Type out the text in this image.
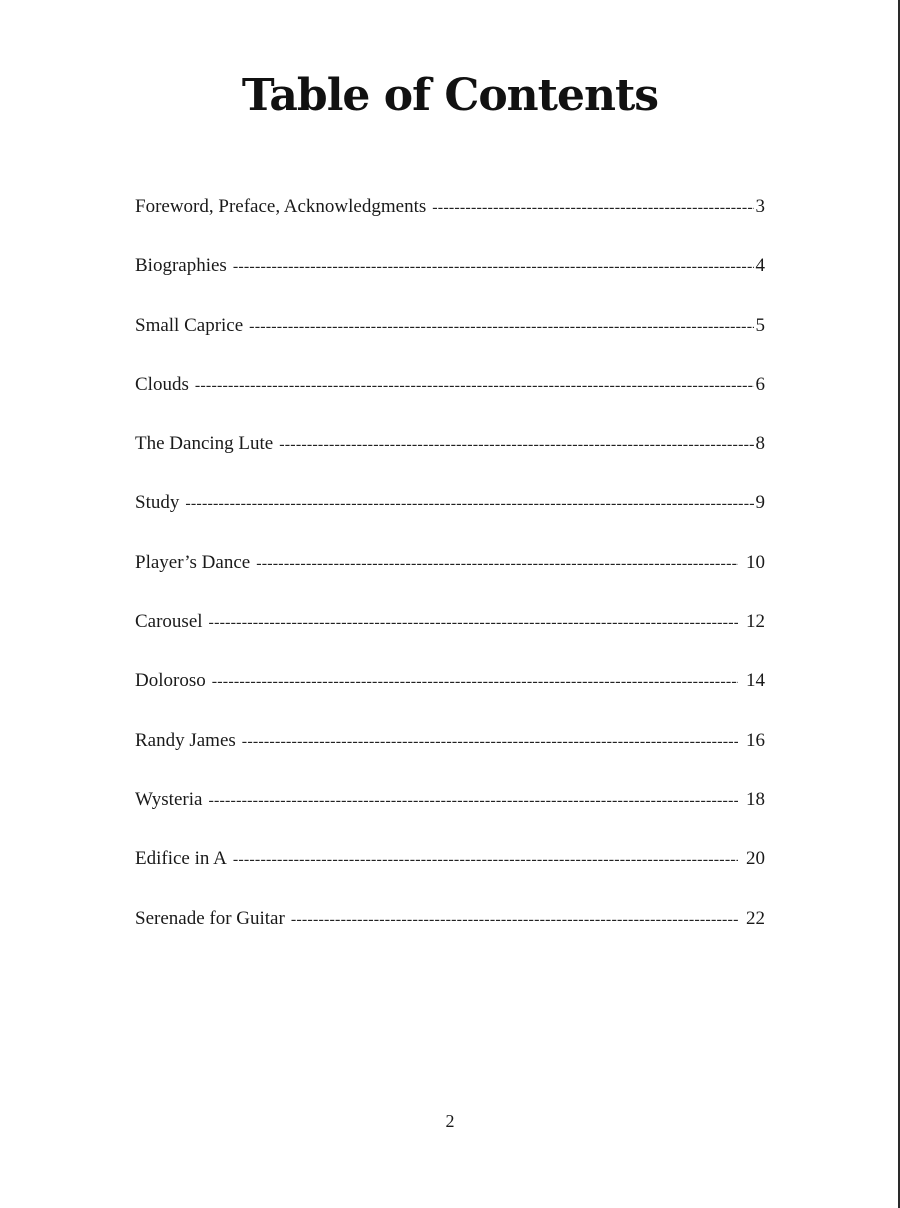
Table of Contents
Foreword, Preface, Acknowledgments -----	3
Biographies -----	4
Small Caprice -----	5
Clouds -----	6
The Dancing Lute -----	8
Study -----	9
Player’s Dance -----	10
Carousel -----	12
Doloroso -----	14
Randy James -----	16
Wysteria -----	18
Edifice in A -----	20
Serenade for Guitar -----	22
2
